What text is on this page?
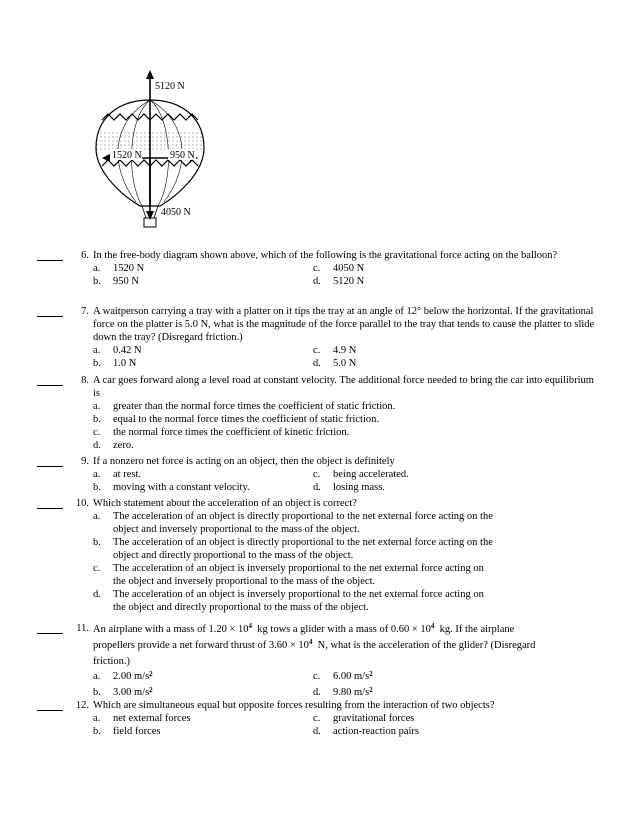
5120 N
1520 N	950 N
4050 N
6. In the free-body diagram shown above, which of the following is the gravitational force acting on the balloon?
a. 1520 N	c. 4050 N
b. 950 N	d. 5120 N
7. A waitperson carrying a tray with a platter on it tips the tray at an angle of 12° below the horizontal. If the gravitational force on the platter is 5.0 N, what is the magnitude of the force parallel to the tray that tends to cause the platter to slide down the tray? (Disregard friction.)
a. 0.42 N	c. 4.9 N
b. 1.0 N	d. 5.0 N
8. A car goes forward along a level road at constant velocity. The additional force needed to bring the car into equilibrium is
a.	greater than the normal force times the coefficient of static friction.
b.	equal to the normal force times the coefficient of static friction.
c.	the normal force times the coefficient of kinetic friction.
d.	zero.
9. If a nonzero net force is acting on an object, then the object is definitely
a. at rest.	c. being accelerated.
b. moving with a constant velocity.	d. losing mass.
10. Which statement about the acceleration of an object is correct?
a.	The acceleration of an object is directly proportional to the net external force acting on the
object and inversely proportional to the mass of the object.
b.	The acceleration of an object is directly proportional to the net external force acting on the
object and directly proportional to the mass of the object.
c.	The acceleration of an object is inversely proportional to the net external force acting on
the object and inversely proportional to the mass of the object.
d.	The acceleration of an object is inversely proportional to the net external force acting on
the object and directly proportional to the mass of the object.
11. An airplane with a mass of $1.20 \times 10^4$  kg tows a glider with a mass of $0.60 \times 10^4$  kg. If the airplane
propellers provide a net forward thrust of $3.60 \times 10^4$  N, what is the acceleration of the glider? (Disregard
friction.)
a. 2.00 $m/s^2$	c. 6.00 $m/s^2$
b. 3.00 $m/s^2$	d. 9.80 $m/s^2$
12. Which are simultaneous equal but opposite forces resulting from the interaction of two objects?
a. net external forces	c. gravitational forces
b. field forces	d. action-reaction pairs
